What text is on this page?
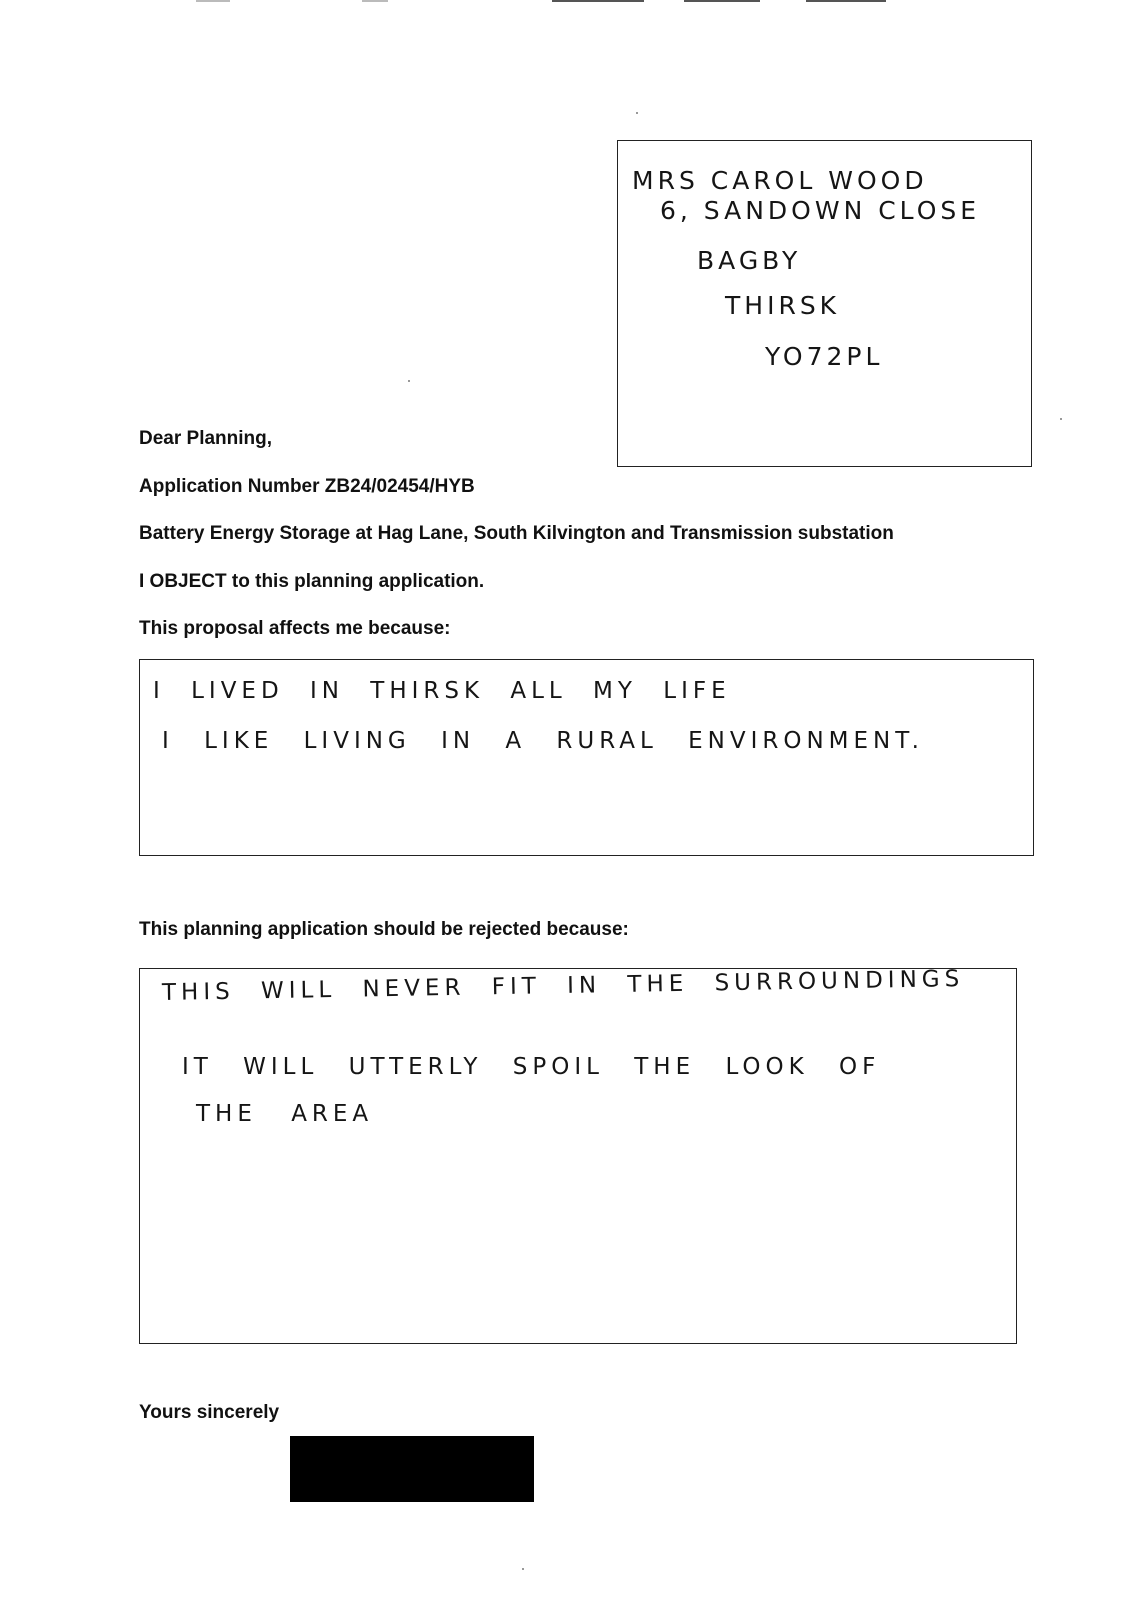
MRS CAROL WOOD
6, SANDOWN CLOSE
BAGBY
THIRSK
YO72PL
Dear Planning,
Application Number ZB24/02454/HYB
Battery Energy Storage at Hag Lane, South Kilvington and Transmission substation
I OBJECT to this planning application.
This proposal affects me because:
I LIVED IN THIRSK ALL MY LIFE
I LIKE LIVING IN A RURAL ENVIRONMENT.
This planning application should be rejected because:
THIS WILL NEVER FIT IN THE SURROUNDINGS
IT WILL UTTERLY SPOIL THE LOOK OF
THE AREA
Yours sincerely
